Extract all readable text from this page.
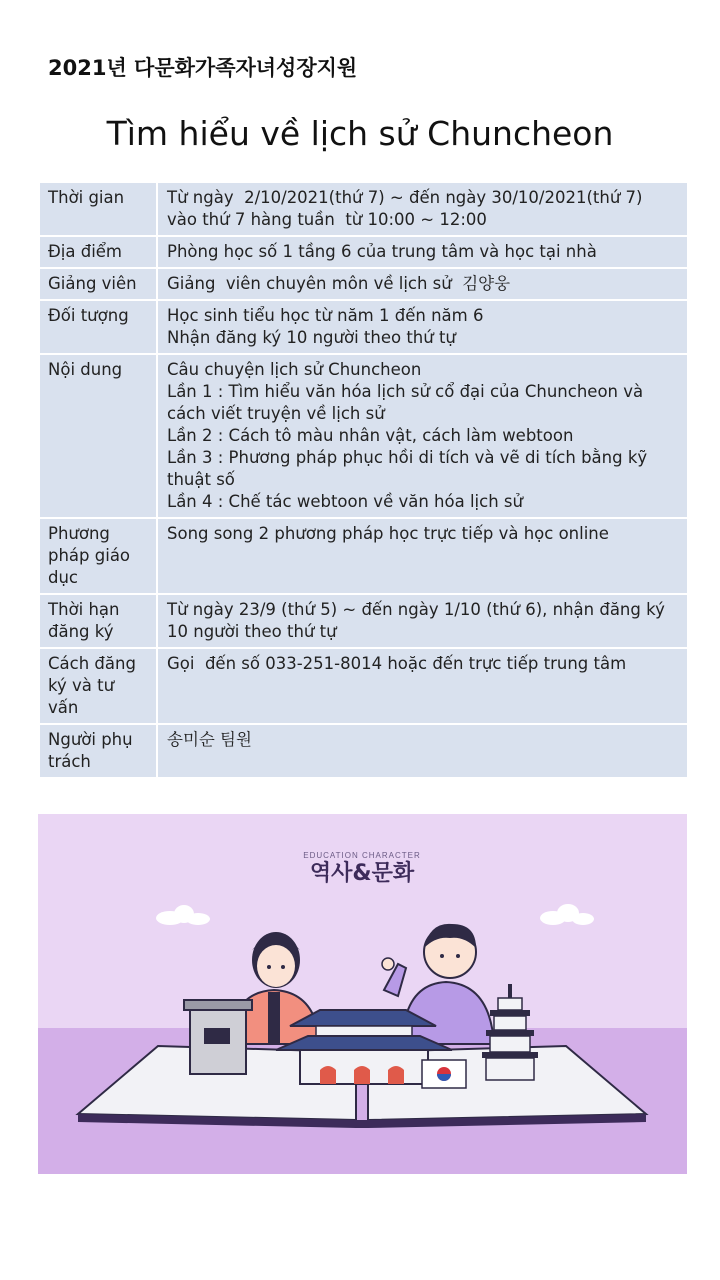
2021년 다문화가족자녀성장지원
Tìm hiểu về lịch sử Chuncheon
Thời gian	Từ ngày  2/10/2021(thứ 7) ~ đến ngày 30/10/2021(thứ 7)
vào thứ 7 hàng tuần  từ 10:00 ~ 12:00

Địa điểm	Phòng học số 1 tầng 6 của trung tâm và học tại nhà

Giảng viên	Giảng  viên chuyên môn về lịch sử  김양웅

Đối tượng	Học sinh tiểu học từ năm 1 đến năm 6
Nhận đăng ký 10 người theo thứ tự

Nội dung	Câu chuyện lịch sử Chuncheon
Lần 1 : Tìm hiểu văn hóa lịch sử cổ đại của Chuncheon và cách viết truyện về lịch sử
Lần 2 : Cách tô màu nhân vật, cách làm webtoon
Lần 3 : Phương pháp phục hồi di tích và vẽ di tích bằng kỹ thuật số
Lần 4 : Chế tác webtoon về văn hóa lịch sử

Phương pháp giáo dục	Song song 2 phương pháp học trực tiếp và học online

Thời hạn đăng ký	Từ ngày 23/9 (thứ 5) ~ đến ngày 1/10 (thứ 6), nhận đăng ký 10 người theo thứ tự

Cách đăng ký và tư vấn	Gọi  đến số 033-251-8014 hoặc đến trực tiếp trung tâm

Người phụ trách	송미순 팀원
EDUCATION CHARACTER
역사&문화
